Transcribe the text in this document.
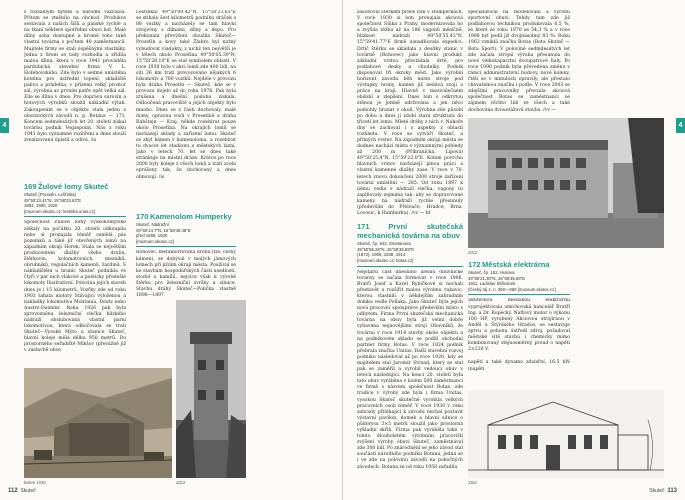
4

s rozsáhlým bytem a národní vážičkou. Přitom se změnilo na obchod. Produkce sestávala z našich šišů a pánské rychle a na tkaní některé spotřební obuvi bot. Malé dílny soba dostupné a kromě toho také vlastní továrna s počtem 40 zaměstnanců. Majitelé firmy se stali úspěšnými vlastníky. Jedna z firem se tady rozhodla a zřídila malou dílnu, která v roce 1941 prováděla pardubická stavební firma V. L. Hofehovského. Zde bylo v sedmé umístěna kotelna pro ústřední topení, skladiště paliva a prádelna, v přízemí velký prostor sál, výrobna av prvním patře opět velká sál. Zde se dílna v dnes. Pro dopravu surovin a hotových výrobků sloužil nákladní výtah. Zakoupením se z objektu stala jeden z obuvnických závodů n. p. Botana — 171. Koncem sedmdesátých let 20. století získal továrnu podnik Vegaspoint. Nás z roku 1941 bylo významné rozšíření a dnes slouží zrealizovaná úplatů a odívá. /is

169 Žulové lomy Skuteč
Skuteč (Prosetín, Lešťinka)
49°50'13.41"N, 15°58'23.63"E
1894, 1900, 1920
[muzeum.skutec.cz; lestinka.unas.cz]

Společnost Žulové lomy vyskokomýtské získaly na počátku 20. století odkoupila nebo si pronajala téměř osmělá pás pozemků a také jiř otevřených lomů na západním okraji Horek. Stala se největším producentem dlažby všeho druhu, štěrkovin, kolomatovnich, mezníků, obrubníků, regulačních kamenů, žardinů. S nákladištěm u hranic Skuteč podnikla ve čtyři v pár nich vlakové a poeticky předešlé lokomoty Ilustrativní. Polovina jejich staveb dnes je i 15 kilometrů. Vozřky zde od roku 1903 tahala motory Stávající vyloženou a nakladky lokomotiva Montania, Deutz nebo Austro-Daimler. Roku 1926 pak byla zprovozněna železniční vlečka blízkého nádraží obsluhovaná vlastní parní lokomotivou, která odbočovala ze trati Skuteč—Vysoké Mýto u stanice Skuteč, hlavní koleje měla délku 950 metrů. Do prostorného seřadiště Mikšov (převážně již v zástavbě obce

Leštinka) 49°50'09.42"N, 15°58'23.63"E se stihalo šest kilometrů podniku dráček s 88 vozíky a nacházely se tam hlavní strojovny s dílnami, dílny a depo. Pro překonání převýšení sloužila Skuteč—Proseťín a kovy také Žlabro byl nutný vybudovat viadukty, z nichž ten největší je v létech okolo Proseťína 49°50'05.39"N, 15°58'28.10"E se stal symbolem oblasti. V roce 1930 bylo v akci lomů zde 400 lidí, na síti 36 km tratí provozováno nějakých 6 lokomotiv a 700 vozíků. Nejdéle v provozu byla dráha Prosetín — Skuteč, kde se v provozu dojelo až do roku 1976. Pak byla zrušena a dnešní podobu získala. Odloučená pracoviště a jejich objekty bylo mnoho. Dnes se z části dochovaly, malé domy, opravna vozů v Prosetíně a dráha Rabštejn — Kraj, někde rozebírat pouze okolo Proseťína. Na okrajích lomů se nacházejí sklady a zařízení lomu. Skuteč se zbyl kámen v kamenolomu, a rozebírat tu dvacet let stadionu a městských lázní. Jako v letech 70. let se dnes také stránkuje na místní dráze. Krátce po roce 2000 byly koleje z všech lomů a tratí zcela oprášeny tak, že dochovaný a dnes obnovují. /is

170 Kamenolom Humperky
Skuteč, Nádražní
49°50'14.7"N, 15°58'48.48"E
před 1896, 1920
[muzeum.skutec.cz]

Rohovec, metamorfovaná droba (tzv. černý kámen), se dobýval v malých jámových lomech při jižním okraji města. Používal se ke stavbám hospodářských částí usedlostí, stodol a kamílů, nejvíce však k výrobě štěrku pro železniční svršky a silnice. Stavbu dráhy Skuteč—Polička vlastně 1896—1897

kolem 1930	2012
112 Skuteč
4

zásoboval štěrkem právě lom v Humperkách. V roce 1930 si lom pronajala akciová společnost Silika z Prahy, modernizovala ho a zvýšila těžbu až na 186 vagonů měsíčně, blízkost nádraží 49°50'55.43"N, 15°59'41.77"E firmě usnadňovala expedici. Drtič štěrku se skládala z desítky stanic v továrně (Rohovec) jako hlavní produkt, základní vrstva převládala drtě, pro podlahové desky a chodníky. Podnik disponoval tři okrsky měst. Jako vyrobní horizont závodu běh místo stroje pod výstupky hrany, kamen již nedává svoji a práce na kraji. Hlavně v meziválečném období a zlepšení. Dnes lom s odkrytou stěnou je jemně udržována a jen něco pomohly hranat v okolí. Výrobna zde působí po dobu a dnes ji zdobí stará struktura do třiceti let lomu. Mleté dráhy z nich v. Nahoře dny se zachoval i s aspekty z oblastí rozhledu. V roce se vytváří Skuteč, a přímých vrstev. Na západním okraji města se dodnes nachází místa s významnými pohledy až 200 m (Příhranická, Lipová) 49°50'25.4"N, 15°59'22.0"E. Kolem povrchu hlavních vrstev nacházejí plnou práci a vlastní kamenné dlažby zase. V roce v 70. letech znovu dokončení 2000 stroje zařízení tovární umístění — 285. Od roku 1897 k němu vedla z nádraží vlečka, vagony tu zaplňovaly zejména tak, aby se dopravované kameny na nádraží rychle přesunuly (především do Přelouče, Hradce, Brna, Lovosic, k Hamburku). /vv — bf

171	První skutečská mechanická továrna na obuv
Skuteč, čp. 842, Smetanova
49°50'56.26"N, 15°59'39.58"E
(1872), 1906, 1939, 1914
[muzeum.skutec.cz; botas.cz]

Nejstarší část dnešního areálu obuvnické továrny se začala formovat v roce 1906. Bratři Josef a Karel Rybičkové si nechali přestavět a rozšířit malou výrobnu rukavic, kterou vlastnili v někdejším zahradním domku vedle Pollaka. Jako Skuteč byla jejich nová pracovní spolupráce především místo s odbytem. Firma První skutečská mechanická továrna na obuv byla již velmi dobře vybavena nejnovějšími stroji Obuvníků, že továrna v roce 1914 stavby okolo objektu a na podnikovém skladu se podílí obchodní partner firmy Botas. V roce 1924 podnik přebrala značka Unitas. Další stavební rozvoj podniku následoval až po roce 1926, kdy se majitelem stal Jaromír Strnad, který se stal pak se zaměřil a vyrobil vedoucí obuv v letech následující. Na konci 20. století byla tato obuv vyráběna v kolem 500 zaměstnanci ve firmě s názvem společnost Botas, zde tradice v výroby zde byla i firma Unitas, vysokou Skuteč skutečně vyrobila velkých pracovních osob téměř. V roce 1930 v roku zahrady přiléhající k závodu nechal postavit výstavní pavilon, domek a hlavní silnice o půdorysu 3×5 metrů sloužil jako prostorná výkladní skříň. Firma pak vyráběla také v tomto dlouholetém výrobním pracovišti zvýšení výroby obuvi Skuteč, zaměstnával zde 300 lidí. Po znárodnění se jeho závod stal součástí národního podniku Botana, jedná se i ve zde na polovinu závodů na pobočných závodech. Botana se od roku 1958 zařadila

specializoval na modelování a výrobu sportovní obuvi. Tehdy tam zde již podlahovou technikou produkovala 6,5 %, ze které ze roku 1970 se 54,3 % a v roce 1988 byl podíl již dvojnásobný 83 %. Roku 1963 vzniklá značka Botas (Bota Skuteč — Bota Sport). V polovině sedmdesátých let zde začala strojní výroba přesunula do nové velkokapacitní dvoupatrové haly. Po roce 1990 podnik byla převedena změnu v rámci administrativní budovy, nové koleny, čtěli se v minulosti opravily, ale přestalo chovatelnou značku i podle. V roce 2003 se zdejšími pracovníky převzala akciová společnost Botas se zaměstnanci se zájmem těchto lidí ze všech a také dochována dvouetážová stavba. /vv —

2012
172 Městská elektrárna
Skuteč, čp. 152, Husova
49°50'21.30"N, 15°59'35.56"E
1911, Ladislav Skřivánek
(Český ráj s. n. 350—360 [muzeum.skutec.cz]

Skuteckou městskou elektrárnu vyprojektovala smíchovská kancelář Bratří Ing. a Dr. Kopecký. Naftový motor o výkonu 100 HP, vyrobený Akciovou strojírnou v Anděl u Štýrského Hradce, se sestavuje zprvu a pohonu ústředí zdroj, požadoval městské sítě stavbu i chemicky mimo kombinovaný stejnosměrný proud o napětí 2×220 V.

napětí a také dynamo zdalsřní, 16,5 kW (napětí

1911
Skuteč 113
